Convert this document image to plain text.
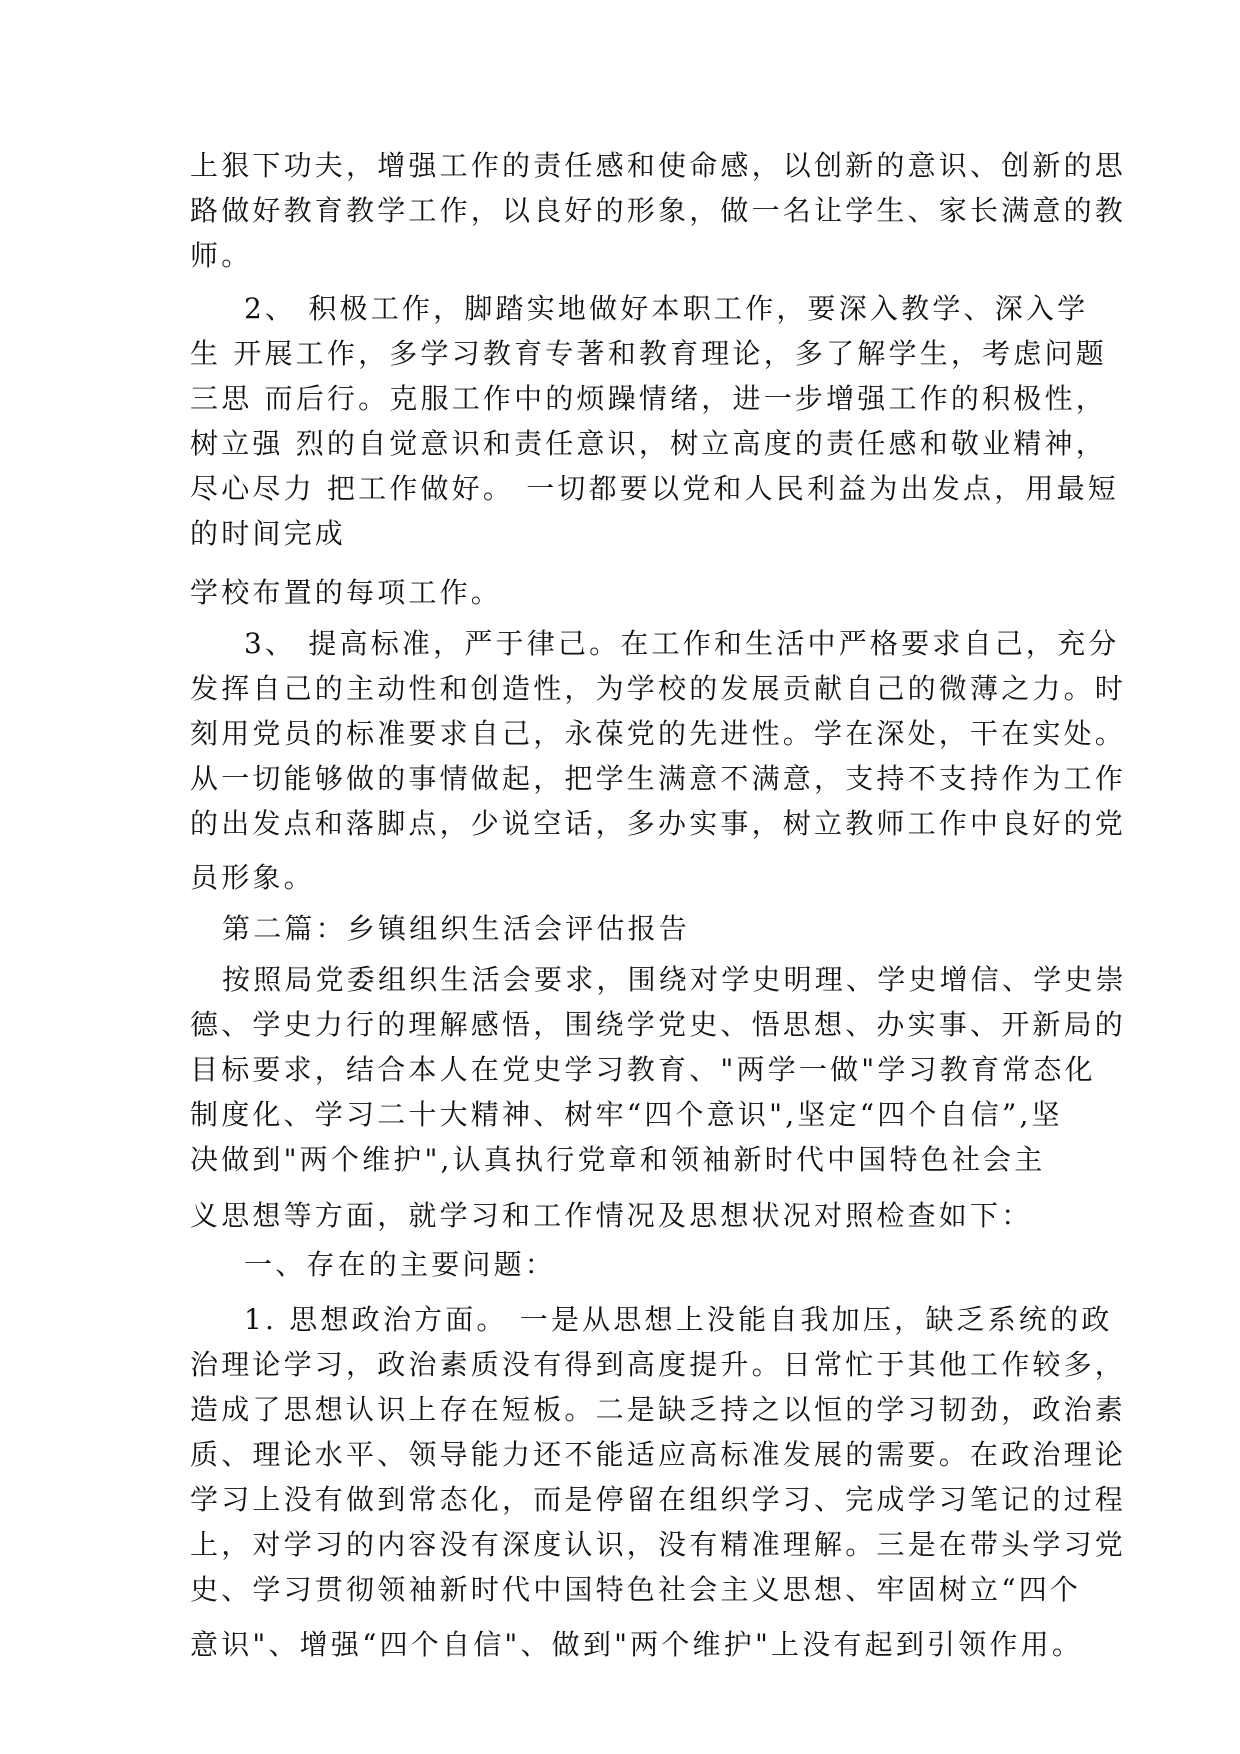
上狠下功夫，增强工作的责任感和使命感，以创新的意识、创新的思

路做好教育教学工作，以良好的形象，做一名让学生、家长满意的教

师。

2、 积极工作，脚踏实地做好本职工作，要深入教学、深入学

生 开展工作，多学习教育专著和教育理论，多了解学生，考虑问题

三思 而后行。克服工作中的烦躁情绪，进一步增强工作的积极性，

树立强 烈的自觉意识和责任意识，树立高度的责任感和敬业精神，

尽心尽力 把工作做好。 一切都要以党和人民利益为出发点，用最短

的时间完成

学校布置的每项工作。

3、 提高标准，严于律己。在工作和生活中严格要求自己，充分

发挥自己的主动性和创造性，为学校的发展贡献自己的微薄之力。时

刻用党员的标准要求自己，永葆党的先进性。学在深处，干在实处。

从一切能够做的事情做起，把学生满意不满意，支持不支持作为工作

的出发点和落脚点，少说空话，多办实事，树立教师工作中良好的党

员形象。

第二篇：乡镇组织生活会评估报告

按照局党委组织生活会要求，围绕对学史明理、学史增信、学史崇

德、学史力行的理解感悟，围绕学党史、悟思想、办实事、开新局的

目标要求，结合本人在党史学习教育、"两学一做"学习教育常态化

制度化、学习二十大精神、树牢“四个意识",坚定“四个自信”,坚

决做到"两个维护",认真执行党章和领袖新时代中国特色社会主

义思想等方面，就学习和工作情况及思想状况对照检查如下：

一、存在的主要问题：

1. 思想政治方面。 一是从思想上没能自我加压，缺乏系统的政

治理论学习，政治素质没有得到高度提升。日常忙于其他工作较多，

造成了思想认识上存在短板。二是缺乏持之以恒的学习韧劲，政治素

质、理论水平、领导能力还不能适应高标准发展的需要。在政治理论

学习上没有做到常态化，而是停留在组织学习、完成学习笔记的过程

上，对学习的内容没有深度认识，没有精准理解。三是在带头学习党

史、学习贯彻领袖新时代中国特色社会主义思想、牢固树立“四个

意识"、增强“四个自信"、做到"两个维护"上没有起到引领作用。
